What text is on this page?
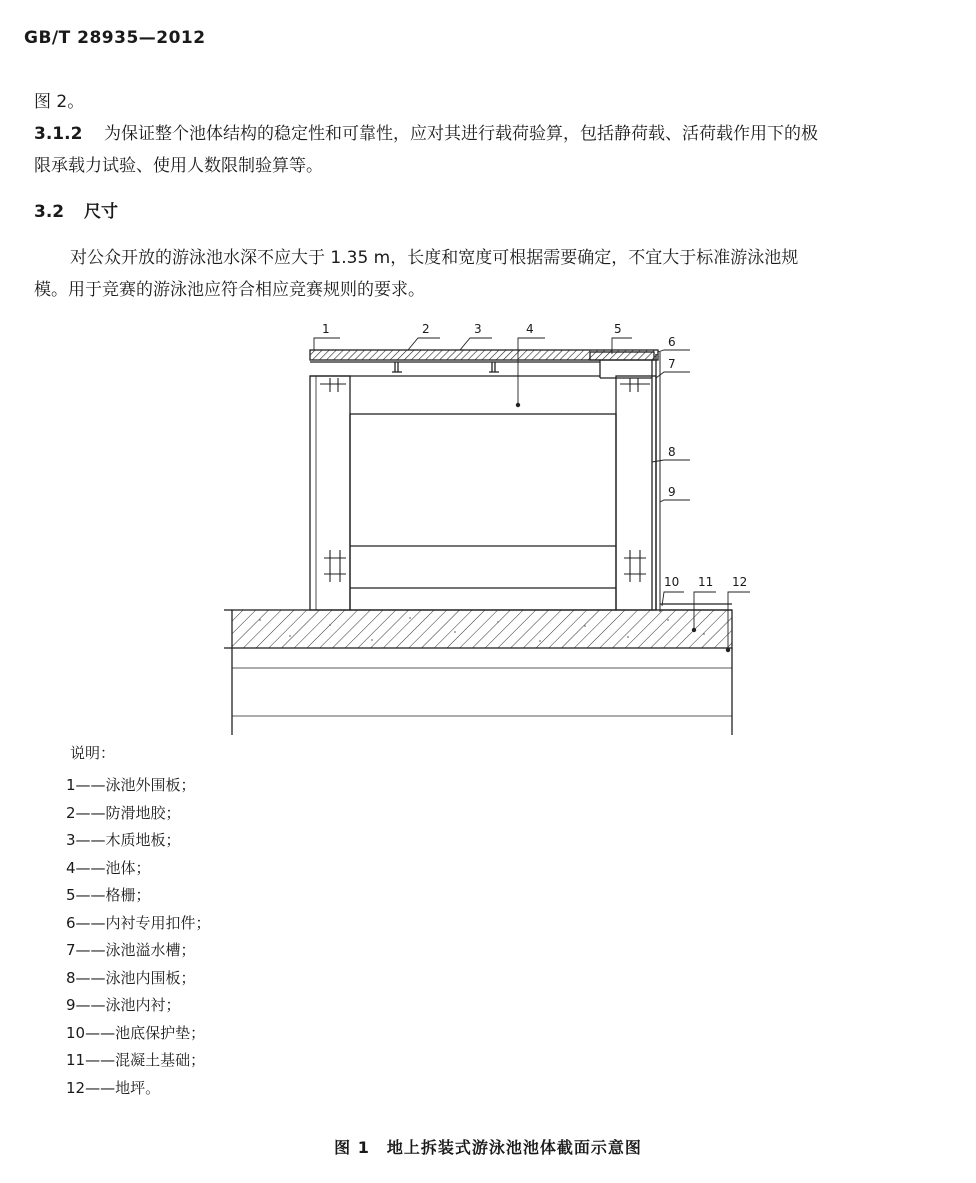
GB/T 28935—2012
图 2。
3.1.2 为保证整个池体结构的稳定性和可靠性，应对其进行载荷验算，包括静荷载、活荷载作用下的极
限承载力试验、使用人数限制验算等。
3.2 尺寸
对公众开放的游泳池水深不应大于 1.35 m，长度和宽度可根据需要确定，不宜大于标准游泳池规
模。用于竞赛的游泳池应符合相应竞赛规则的要求。
1	2	3	4	5
6
7
8
9
10 11 12
说明：
1——泳池外围板；
2——防滑地胶；
3——木质地板；
4——池体；
5——格栅；
6——内衬专用扣件；
7——泳池溢水槽；
8——泳池内围板；
9——泳池内衬；
10——池底保护垫；
11——混凝土基础；
12——地坪。
图 1　地上拆装式游泳池池体截面示意图
